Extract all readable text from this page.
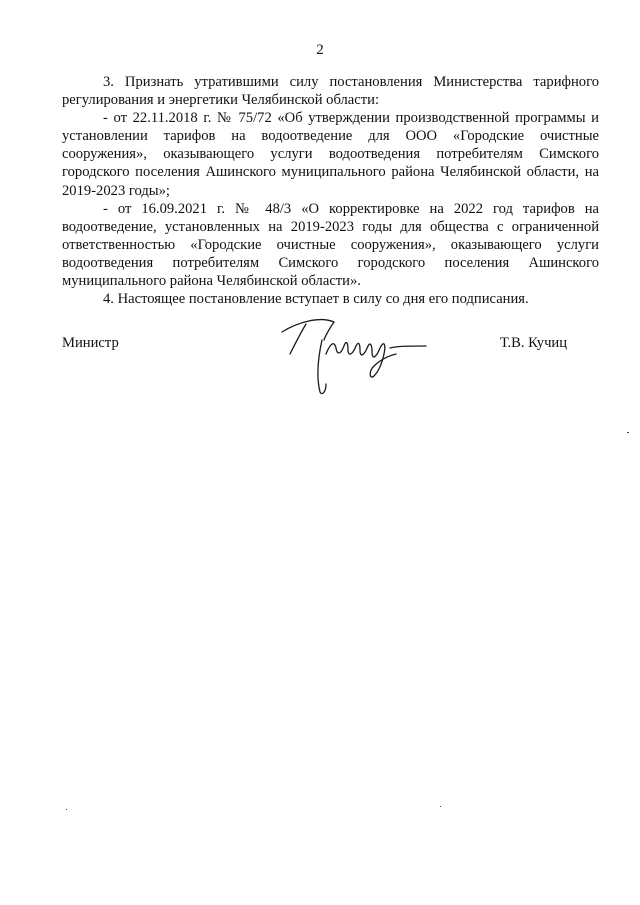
2

3. Признать утратившими силу постановления Министерства тарифного регулирования и энергетики Челябинской области:

- от 22.11.2018 г. № 75/72 «Об утверждении производственной программы и установлении тарифов на водоотведение для ООО «Городские очистные сооружения», оказывающего услуги водоотведения потребителям Симского городского поселения Ашинского муниципального района Челябинской области, на 2019-2023 годы»;

- от 16.09.2021 г. № 48/3 «О корректировке на 2022 год тарифов на водоотведение, установленных на 2019-2023 годы для общества с ограниченной ответственностью «Городские очистные сооружения», оказывающего услуги водоотведения потребителям Симского городского поселения Ашинского муниципального района Челябинской области».

4. Настоящее постановление вступает в силу со дня его подписания.

Министр	Т.В. Кучиц
